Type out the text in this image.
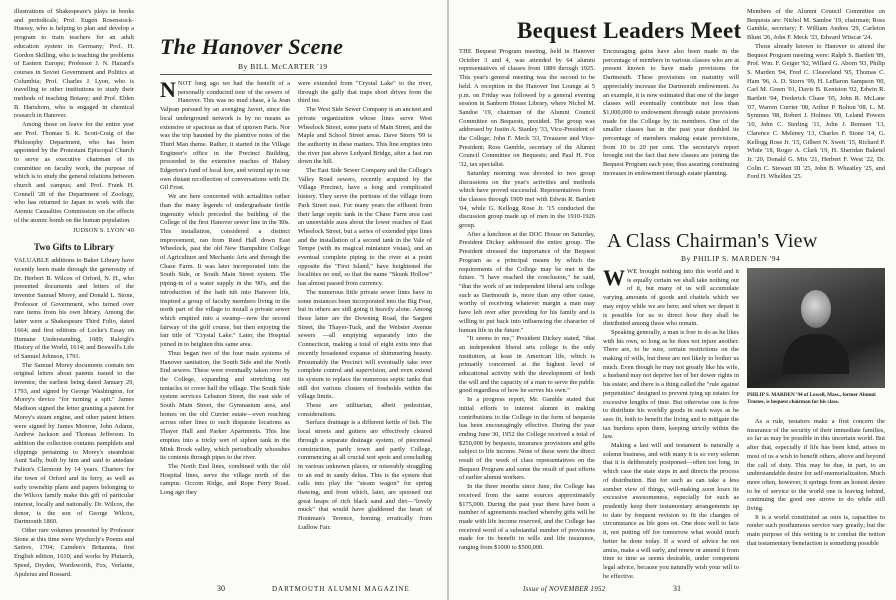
illustrations of Shakespeare's plays in books and periodicals; Prof. Eugen Rosenstock-Huessy, who is helping to plan and develop a program to train teachers for an adult education system in Germany; Prof. H. Gordon Skilling, who is teaching the problems of Eastern Europe; Professor J. N. Hazard's courses in Soviet Government and Politics at Columbia; Prof. Charles J. Lyon, who is travelling to other institutions to study their methods of teaching Botany; and Prof. Elden B. Hartshorn, who is engaged in chemical research in Hanover.

Among those on leave for the entire year are Prof. Thomas S. K. Scott-Craig of the Philosophy Department, who has been appointed by the Protestant Episcopal Church to serve as executive chairman of its committee on faculty work, the purpose of which is to study the general relations between church and campus; and Prof. Frank H. Connell '28 of the Department of Zoology, who has returned to Japan to work with the Atomic Casualties Commission on the effects of the atomic bomb on the human population.

JUDSON S. LYON '40
Two Gifts to Library

VALUABLE additions to Baker Library have recently been made through the generosity of Dr. Herbert B. Wilcox of Orford, N. H., who presented documents and letters of the inventor Samuel Morey, and Donald L. Stone, Professor of Government, who turned over rare items from his own library. Among the latter were a Shakespeare Third Folio, dated 1664; and first editions of Locke's Essay on Humane Understanding, 1689; Raleigh's History of the World, 1614; and Boswell's Life of Samuel Johnson, 1791.

The Samuel Morey documents contain ten original letters about patents issued to the inventor, the earliest being dated January 29, 1793, and signed by George Washington, for Morey's device "for turning a spit." James Madison signed the letter granting a patent for Morey's steam engine, and other patent letters were signed by James Monroe, John Adams, Andrew Jackson and Thomas Jefferson. In addition the collection contains pamphlets and clippings pertaining to Morey's steamboat Aunt Sally, built by him and said to antedate Fulton's Clermont by 14 years. Charters for the town of Orford and its ferry, as well as early township plans and papers belonging to the Wilcox family make this gift of particular interest, locally and nationally. Dr. Wilcox, the donor, is the son of George Wilcox, Dartmouth 1860.

Other rare volumes presented by Professor Stone at this time were Wycherly's Poems and Satires, 1704; Camden's Britannia, first English edition, 1610; and works by Plutarch, Speed, Dryden, Wordsworth, Fox, Verlaine, Apuleius and Rossard.

The Hanover Scene
By BILL McCARTER '19

NNOT long ago we had the benefit of a personally conducted tour of the sewers of Hanover. This was no mud chase, à la Jean Valjean pursued by an avenging Javert, since the local underground network is by no means as extensive or spacious as that of uptown Paris. Nor was the trip haunted by the plaintive notes of the Third Man theme. Rather, it started in the Village Engineer's office in the Precinct Building, proceeded to the extensive reaches of Halsey Edgerton's fund of local lore, and wound up in our own distant recollection of conversations with Dr. Gil Frost.

We are here concerned with actualities rather than the many legends of undergraduate fertile ingenuity which preceded the building of the College of the first Hanover sewer line in the '80s. This installation, considered a distinct improvement, ran from Reed Hall down East Wheelock, past the old New Hampshire College of Agriculture and Mechanic Arts and through the Chase Farm. It was later incorporated into the South Side, or South Main Street system. The piping-in of a water supply in the '90's, and the introduction of the bath tub into Hanover life, inspired a group of faculty members living in the north part of the village to install a private sewer which emptied into a swamp—now the second fairway of the golf course, but then enjoying the fair title of "Crystal Lake." Later, the Hospital joined in to heighten this same area.

Thus began two of the four main systems of Hanover sanitation, the South Side and the North End sewers. These were eventually taken over by the College, expanding and stretching out tentacles to cover half the village. The South Side system services Lebanon Street, the east side of South Main Street, the Gymnasium area, and homes on the old Currier estate—even reaching across other lines to such disparate locations as Thayer Hall and Parker Apartments. This line empties into a tricky sort of siphon tank in the Mink Brook valley, which periodically whooshes its contents through pipes to the river.

The North End lines, combined with the old Hospital lines, serve the village north of the campus. Occom Ridge, and Rope Ferry Road. Long ago they

were extended from "Crystal Lake" to the river, through the gully that traps short drives from the third tee.

The West Side Sewer Company is an ancient and private organization whose lines serve West Wheelock Street, some parts of Main Street, and the Maple and School Street areas. Dave Storrs '99 is the authority in these matters. This line empties into the river just above Ledyard Bridge, after a fast run down the hill.

The East Side Sewer Company and the College's Valley Road sewers, recently acquired by the Village Precinct, have a long and complicated history. They serve the portions of the village from Park Street east. For many years the effluent from their large septic tank in the Chase Farm area cast an unenviable aura about the lower reaches of East Wheelock Street, but a series of extended pipe lines and the installation of a second tank in the Vale of Tempe (with its magical miniature vistas), and an eventual complete piping to the river at a point opposite the "First Island," have heightened the localities no end, so that the name "Skunk Hollow" has almost passed from currency.

The numerous little private sewer lines have in some instances been incorporated into the Big Four, but in others are still going it heavily alone. Among those latter are the Downing Road, the Sargent Street, the Thayer-Tuck, and the Webster Avenue sewers —all emptying separately into the Connecticut, making a total of eight exits into that recently broadened expanse of shimmering beauty. Presumably the Precinct will eventually take over complete control and supervision, and even extend its system to replace the numerous septic tanks that still dot various clusters of freeholds within the village limits.

These are utilitarian, albeit pedestrian, considerations.

Surface drainage is a different kettle of fish. The local streets and gutters are effectively cleared through a separate drainage system, of piecemeal construction, partly town and partly College, commencing at all crucial wet spots and concluding in various unknown places, or miserably straggling to an end in sandy deltas. This is the system that calls into play the "steam wagon" for spring thawing, and from which, later, are spooned out great heaps of rich black sand and dirt—"lovely muck" that would have gladdened the heart of Houtman's Terence, homing erratically from Ludlow Fair.

30	DARTMOUTH ALUMNI MAGAZINE
Bequest Leaders Meet

THE Bequest Program meeting, held in Hanover October 3 and 4, was attended by 64 alumni representatives of classes from 1889 through 1925. This year's general meeting was the second to be held. A reception in the Hanover Inn Lounge at 5 p.m. on Friday was followed by a general evening session in Sanborn House Library, where Nichol M. Sandoe '19, chairman of the Alumni Council Committee on Bequests, presided. The group was addressed by Justin A. Stanley '33, Vice-President of the College; John F. Meck '33, Treasurer and Vice-President; Ross Gamble, secretary of the Alumni Council Committee on Bequests; and Paul H. Fox '32, tax specialist.

Saturday morning was devoted to two group discussions on the year's activities and methods which have proved successful. Representatives from the classes through 1909 met with Edwin R. Bartlett '04, while G. Kellogg Rose Jr. '15 conducted the discussion group made up of men in the 1910-1926 group.

After a luncheon at the DOC House on Saturday, President Dickey addressed the entire group. The President stressed the importance of the Bequest Program as a principal means by which the requirements of the College may be met in the future. "I have reached the conclusion," he said, "that the work of an independent liberal arts college such as Dartmouth is, more than any other cause, worthy of receiving whatever margin a man may have left over after providing for his family and is willing to put back into influencing the character of human life in the future."

"It seems to me," President Dickey stated, "that an independent liberal arts college is the only institution, at least in American life, which is primarily concerned at the highest level of educational activity with the development of both the will and the capacity of a man to serve the public good regardless of how he serves his own."

In a progress report, Mr. Gamble stated that initial efforts to interest alumni in making contributions to the College in the form of bequests has been encouragingly effective. During the year ending June 30, 1952 the College received a total of $250,000 by bequests, insurance provisions and gifts subject to life income. None of these were the direct result of the week of class representatives on the Bequest Program and some the result of past efforts of earlier alumni workers.

In the three months since June, the College has received from the same sources approximately $175,000. During the past year there have been a number of agreements reached whereby gifts will be made with life income reserved, and the College has received word of a substantial number of provisions made for its benefit in wills and life insurance, ranging from $1000 to $500,000.

Encouraging gains have also been made in the percentage of members in various classes who are at present known to have made provisions for Dartmouth. These provisions on maturity will appreciably increase the Dartmouth endowment. As an example, it is now estimated that one of the larger classes will eventually contribute not less than $1,000,000 to endowment through estate provisions made for the College by its members. One of the smaller classes has in the past year doubled its percentage of members making estate provisions, from 10 to 20 per cent. The secretary's report brought out the fact that new classes are joining the Bequest Program each year, thus assuring continuing increases in endowment through estate planning.

Members of the Alumni Council Committee on Bequests are: Nichol M. Sandoe '19, chairman; Ross Gamble, secretary; F. William Andres '29, Carleton Blunt '26, John F. Meck '33, Edward Wiiscar '24.

Those already known to Hanover to attend the Bequest Program meeting were: Ralph S. Bartlett '89, Prof. Wm. F. Geiger '92, Willard G. Aborn '93, Philip S. Marden '94, Fred C. Cleaveland '95, Thomas C. Ham '96, A. D. Storrs '99, H. LeBaron Sampson '00, Carl M. Green '01, Davis B. Keniston '02, Edwin R. Bartlett '04, Frederick Chase '05, John R. McLane '07, Warren Currier '08, Arthur P. Bolton '08, L. M. Symmes '08, Robert J. Holmes '09, Leland Powers '10, John C. Sterling '11, John J. Remsen '13, Clarence C. Meleney '13, Charles F. Stone '14, G. Kellogg Rose Jr. '15, Gilbert N. Swett '15, Richard P. White '18, Roger A. Clark '19, H. Sheridan Baketel Jr. '20, Donald G. Mix '21, Herbert F. West '22, Dr. Colin C. Stewart III '25, John B. Wheatley '25, and Ford H. Whelden '25.

A Class Chairman's View
By PHILIP S. MARDEN '94

WWE brought nothing into this world and it is equally certain we shall take nothing out of it, but many of us will accumulate varying amounts of goods and chattels which we may enjoy while we are here; and when we depart it is possible for us to direct how they shall be distributed among those who remain.

Speaking generally, a man is free to do as he likes with his own, so long as he does not injure another. There are, to be sure, certain restrictions on the making of wills, but these are not likely to bother us much. Even though he may not greatly like his wife, a husband may not deprive her of her dower rights in his estate; and there is a thing called the "rule against perpetuities" designed to prevent tying up estates for excessive lengths of time. But otherwise one is free to distribute his worldly goods in such ways as he sees fit, both to benefit the living and to mitigate the tax burdens upon them, keeping strictly within the law.

Making a last will and testament is naturally a solemn business, and with many it is so very solemn that it is deliberately postponed—often too long, in which case the state steps in and directs the process of distribution. But for such as can take a less somber view of things, will-making soon loses its excessive awesomeness, especially for such as prudently keep their testamentary arrangements up to date by frequent revision to fit the changes of circumstance as life goes on. One does well to face it, not putting off for tomorrow what would much better be done today. If a word of advice be not amiss, make a will early, and renew or amend it from time to time as seems desirable, under competent legal advice, because you naturally wish your will to be effective.

PHILIP S. MARDEN '94 of Lowell, Mass., former Alumni Trustee, is bequest chairman for his class.

As a rule, testators make a first concern the insurance of the security of their immediate families, so far as may be possible in this uncertain world. But after that, especially if life has been kind, arises in most of us a wish to benefit others, above and beyond the call of duty. This may be due, in part, to an understandable desire for self-memorialization. Much more often, however, it springs from an honest desire to be of service to the world one is leaving behind, continuing the good one strove to do while still living.

It is a world constituted as ours is, capacities to render such posthumous service vary greatly; but the main purpose of this writing is to combat the notion that testamentary benefaction is something possible

Issue of NOVEMBER 1952	31
